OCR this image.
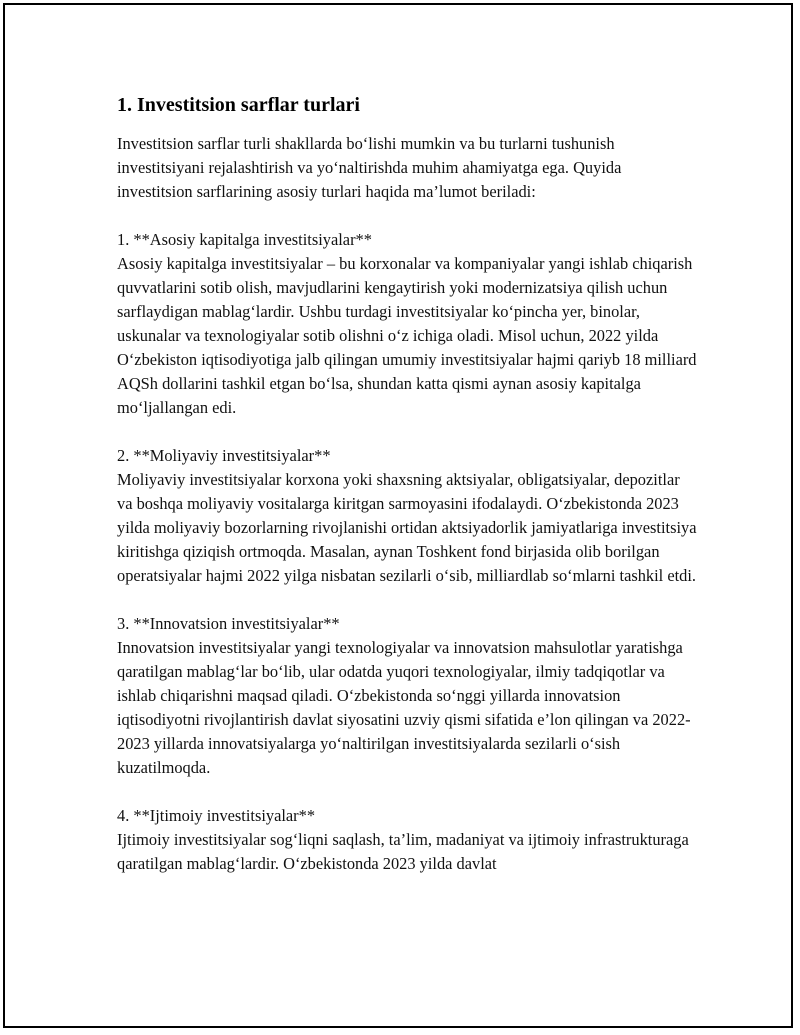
1. Investitsion sarflar turlari

Investitsion sarflar turli shakllarda bo‘lishi mumkin va bu turlarni tushunish investitsiyani rejalashtirish va yo‘naltirishda muhim ahamiyatga ega. Quyida investitsion sarflarining asosiy turlari haqida ma’lumot beriladi:

1. **Asosiy kapitalga investitsiyalar**

Asosiy kapitalga investitsiyalar – bu korxonalar va kompaniyalar yangi ishlab chiqarish quvvatlarini sotib olish, mavjudlarini kengaytirish yoki modernizatsiya qilish uchun sarflaydigan mablag‘lardir. Ushbu turdagi investitsiyalar ko‘pincha yer, binolar, uskunalar va texnologiyalar sotib olishni o‘z ichiga oladi. Misol uchun, 2022 yilda O‘zbekiston iqtisodiyotiga jalb qilingan umumiy investitsiyalar hajmi qariyb 18 milliard AQSh dollarini tashkil etgan bo‘lsa, shundan katta qismi aynan asosiy kapitalga mo‘ljallangan edi.

2. **Moliyaviy investitsiyalar**

Moliyaviy investitsiyalar korxona yoki shaxsning aktsiyalar, obligatsiyalar, depozitlar va boshqa moliyaviy vositalarga kiritgan sarmoyasini ifodalaydi. O‘zbekistonda 2023 yilda moliyaviy bozorlarning rivojlanishi ortidan aktsiyadorlik jamiyatlariga investitsiya kiritishga qiziqish ortmoqda. Masalan, aynan Toshkent fond birjasida olib borilgan operatsiyalar hajmi 2022 yilga nisbatan sezilarli o‘sib, milliardlab so‘mlarni tashkil etdi.

3. **Innovatsion investitsiyalar**

Innovatsion investitsiyalar yangi texnologiyalar va innovatsion mahsulotlar yaratishga qaratilgan mablag‘lar bo‘lib, ular odatda yuqori texnologiyalar, ilmiy tadqiqotlar va ishlab chiqarishni maqsad qiladi. O‘zbekistonda so‘nggi yillarda innovatsion iqtisodiyotni rivojlantirish davlat siyosatini uzviy qismi sifatida e’lon qilingan va 2022-2023 yillarda innovatsiyalarga yo‘naltirilgan investitsiyalarda sezilarli o‘sish kuzatilmoqda.

4. **Ijtimoiy investitsiyalar**

Ijtimoiy investitsiyalar sog‘liqni saqlash, ta’lim, madaniyat va ijtimoiy infrastrukturaga qaratilgan mablag‘lardir. O‘zbekistonda 2023 yilda davlat
